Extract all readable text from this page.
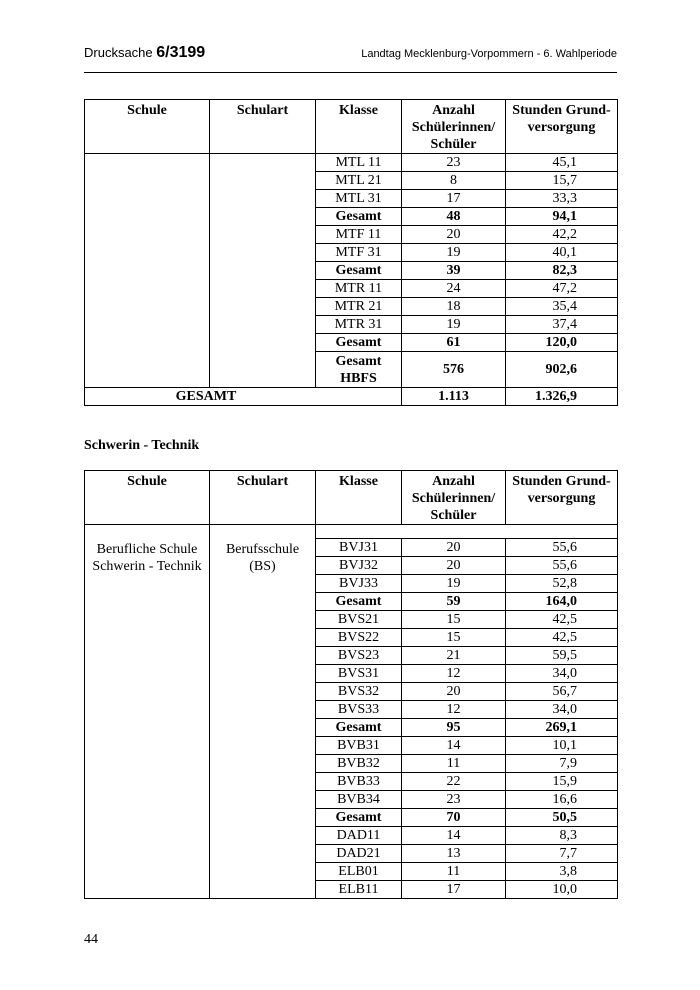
Drucksache 6/3199	Landtag Mecklenburg-Vorpommern - 6. Wahlperiode
Schule	Schulart	Klasse	Anzahl Schülerinnen/ Schüler	Stunden Grund- versorgung
		MTL 11	23	45,1
		MTL 21	8	15,7
		MTL 31	17	33,3
		Gesamt	48	94,1
		MTF 11	20	42,2
		MTF 31	19	40,1
		Gesamt	39	82,3
		MTR 11	24	47,2
		MTR 21	18	35,4
		MTR 31	19	37,4
		Gesamt	61	120,0
		Gesamt HBFS	576	902,6
GESAMT			1.113	1.326,9
Schwerin - Technik
Schule	Schulart	Klasse	Anzahl Schülerinnen/ Schüler	Stunden Grund- versorgung
Berufliche Schule Schwerin - Technik	Berufsschule (BS)			
		BVJ31	20	55,6
		BVJ32	20	55,6
		BVJ33	19	52,8
		Gesamt	59	164,0
		BVS21	15	42,5
		BVS22	15	42,5
		BVS23	21	59,5
		BVS31	12	34,0
		BVS32	20	56,7
		BVS33	12	34,0
		Gesamt	95	269,1
		BVB31	14	10,1
		BVB32	11	7,9
		BVB33	22	15,9
		BVB34	23	16,6
		Gesamt	70	50,5
		DAD11	14	8,3
		DAD21	13	7,7
		ELB01	11	3,8
		ELB11	17	10,0
44
